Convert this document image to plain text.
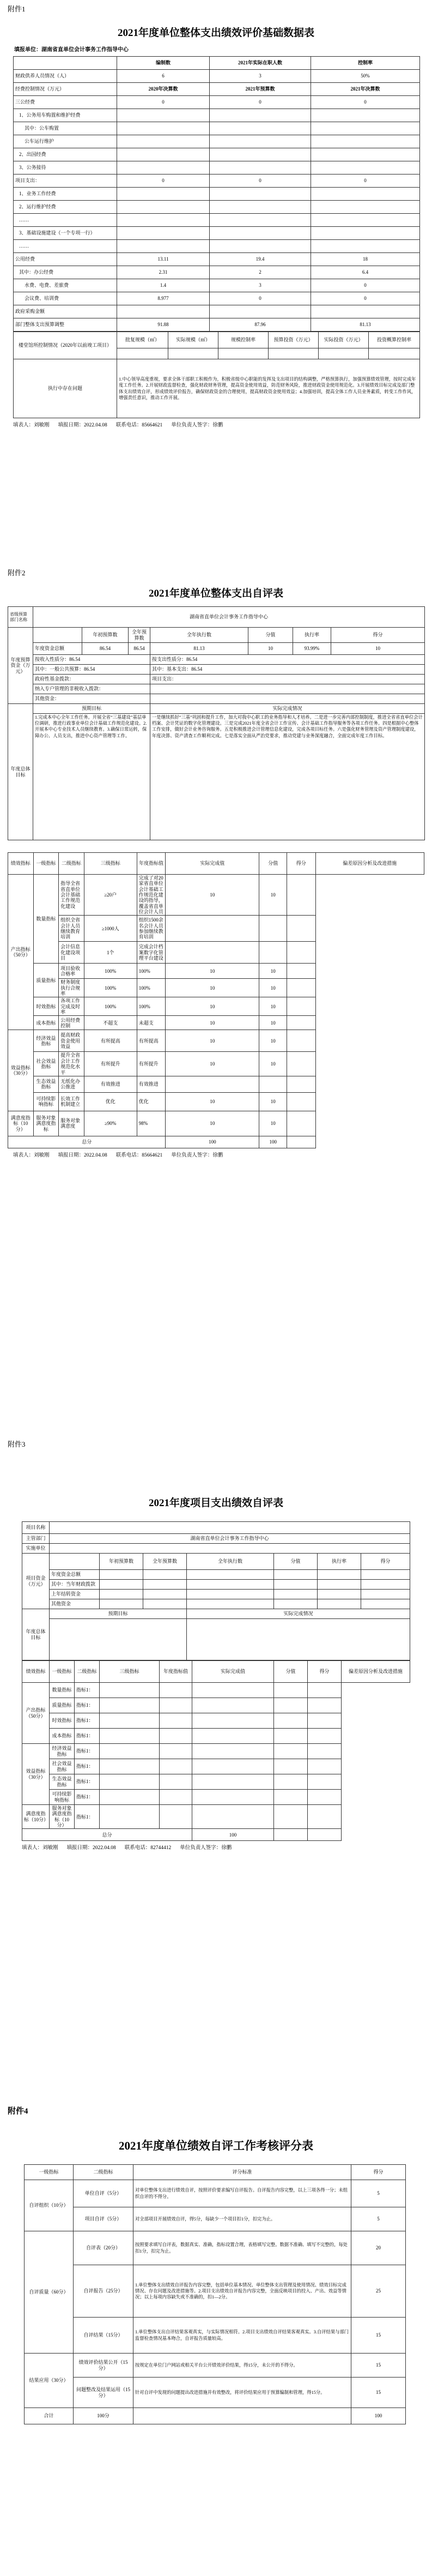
附件1
2021年度单位整体支出绩效评价基础数据表
填报单位：湖南省直单位会计事务工作指导中心
	编制数	2021年实际在职人数	控制率
财政供养人员情况（人）	6	3	50%
经费控制情况（万元）	2020年决算数	2021年预算数	2021年决算数
三公经费	0	0	0
1、公务用车购置和维护经费			
其中：公车购置			
公车运行维护			
2、出国经费			
3、公务接待			
项目支出：	0	0	0
1、业务工作经费			
2、运行维护经费			
……			
3、基础设施建设（一个专项一行）			
……			
公用经费	13.11	19.4	18
其中：办公经费	2.31	2	6.4
水费、电费、差旅费	1.4	3	0
会议费、培训费	8.977	0	0
政府采购金额			
部门整体支出预算调整	91.88	87.96	81.13
楼堂馆所控制情况（2020年以前竣工项目）	批复规模（㎡）	实际规模（㎡）	规模控制率	预算投资（万元）	实际投资（万元）	投资概算控制率

执行中存在问题	1.中心领导高度重视，要求全体干部职工积极作为，积极省级中心职能的发挥及支出项目的结构调整，严格预算执行，加强预算绩效管理，按时完成年度工作任务。2.开展财政监督检查，强化财政财务管理，提高资金使用效益，防范财务风险，推进财政资金使用规范化。3.开展绩效目标完成及部门整体支出绩效自评，形成绩效评价报告，确保财政资金的合理使用，提高财政资金使用效益；4.加强培训，提高全体工作人员业务素质，转变工作作风，增强责任意识，推动工作开展。					
填表人：刘敏刚 填报日期：2022.04.08 联系电话：85664621 单位负责人签字：徐鹏
附件2
2021年度单位整体支出自评表
省级预算部门名称	湖南省直单位会计事务工作指导中心						
年度预算资金（万元）		年初预算数	全年预算数	全年执行数	分值	执行率	得分
	年度资金总额	86.54	86.54	81.13	10	93.99%	10
	按收入性质分：86.54			按支出性质分：86.54			
	其中：一般公共预算：86.54			其中：基本支出：86.54			
	政府性基金拨款：			项目支出：			
	纳入专户管理的非税收入拨款：						
	其他资金：						
年度总体目标	预期目标			实际完成情况			
	1.完成本中心全年工作任务。开展全省“三基建设”基层单位调研，推进行政事业单位会计基础工作规范化建设。2.开展本中心专业技术人员继续教育。3.确保日常运转，保障办公、人员支出，推进中心资产管理等工作。			一是继续抓好“三基”巩固和提升工作，加大对我中心职工的业务指导和人才培养。二是进一步完善内部控制制度，推进全省省直单位会计档案、会计凭证的数字化管理建设。三是完成2021年度全省会计工作宣传、会计基础工作指导服务等各项工作任务。四是根据中心整体工作安排，做好会计业务咨询服务。五是积极推进会计管理信息化建设，完成各项目标任务。六是强化财务管理及资产管理制度建设，年度决算、资产清查工作顺利完成。七是落实全面从严治党要求，推动党建与业务深度融合，全面完成年度工作目标。			
绩效指标	一级指标	二级指标	三级指标	年度指标值	实际完成值	分值	得分	偏差原因分析及改进措施
产出指标（50分）	数量指标	指导全省省直单位会计基础工作规范化建设	≥20户	完成了对20家省直单位会计基础工作规范化建设的指导，覆盖省直单位会计人员	10	10		
		组织全省会计人员继续教育培训	≥1000人	组织1500余名会计人员参加继续教育培训				
		会计信息化建设项目	1个	完成会计档案数字化管理平台建设				
	质量指标	项目验收合格率	100%	100%	10	10		
		财务制度执行合规率	100%	100%	10	10		
	时效指标	各项工作完成及时率	100%	100%	10	10		
	成本指标	公用经费控制	不超支	未超支	10	10		
效益指标（30分）	经济效益指标	提高财政资金使用效益	有所提高	有所提高	10	10		
	社会效益指标	提升全省会计工作规范化水平	有所提升	有所提升	10	10		
	生态效益指标	无纸化办公推进	有效推进	有效推进				
	可持续影响指标	长效工作机制建立	优化	优化	10	10		
满意度指标（10分）	服务对象满意度指标	服务对象满意度	≥90%	98%	10	10		
总分					100	100		
填表人：刘敏刚 填报日期：2022.04.08 联系电话：85664621 单位负责人签字：徐鹏
附件3
2021年度项目支出绩效自评表
项目名称							
主管部门	湖南省直单位会计事务工作指导中心						
实施单位							
项目资金（万元）		年初预算数	全年预算数	全年执行数	分值	执行率	得分
	年度资金总额						
	其中：当年财政拨款						
	上年结转资金						
	其他资金						
年度总体目标	预期目标			实际完成情况			

绩效指标	一级指标	二级指标	三级指标	年度指标值	实际完成值	分值	得分	偏差原因分析及改进措施
产出指标（50分）	数量指标	指标1：						
	质量指标	指标1：						
	时效指标	指标1：						
	成本指标	指标1：						
效益指标（30分）	经济效益指标	指标1：						
	社会效益指标	指标1：						
	生态效益指标	指标1：						
	可持续影响指标	指标1：						
满意度指标（10分）	服务对象满意度指标（10分）	指标1：						
总分					100			
填表人：刘敏刚 填报日期：2022.04.08 联系电话：82744412 单位负责人签字：徐鹏
附件4
2021年度单位绩效自评工作考核评分表
一级指标	二级指标	评分标准	得分
自评组织（10分）	单位自评（5分）	对单位整体支出进行绩效自评，按照评价要求编写自评报告。自评报告内容完整，以上三项各得一分；未组织自评的不得分。	5
	项目自评（5分）	对全部项目开展绩效自评，得5分，每缺少一个项目扣1分，扣完为止。	5
自评质量（60分）	自评表（20分）	按照要求填写自评表，数据真实、准确，指标设置合理，表格填写完整。数据不准确、填写不完整的，每处扣1分，扣完为止。	20
	自评报告（25分）	1.单位整体支出绩效自评报告内容完整，包括单位基本情况、单位整体支出管理及使用情况、绩效目标完成情况、存在问题及改进措施等。2.项目支出绩效自评报告内容完整，全面反映项目的投入、产出、效益等情况；以上每项内容缺失或不准确的，扣1—2分。	25
	自评结果（15分）	1.单位整体支出自评结果客观真实，与实际情况相符。2.项目支出绩效自评结果客观真实。3.自评结果与部门监督检查情况基本吻合，自评报告质量较高。	15
结果应用（30分）	绩效评价结果公开（15分）	按规定在单位门户网站或相关平台公开绩效评价结果，得15分，未公开的不得分。	15
	问题整改及结果运用（15分）	针对自评中发现的问题提出改进措施并有效整改，将评价结果应用于预算编制和管理，得15分。	15
合计	100分		100
